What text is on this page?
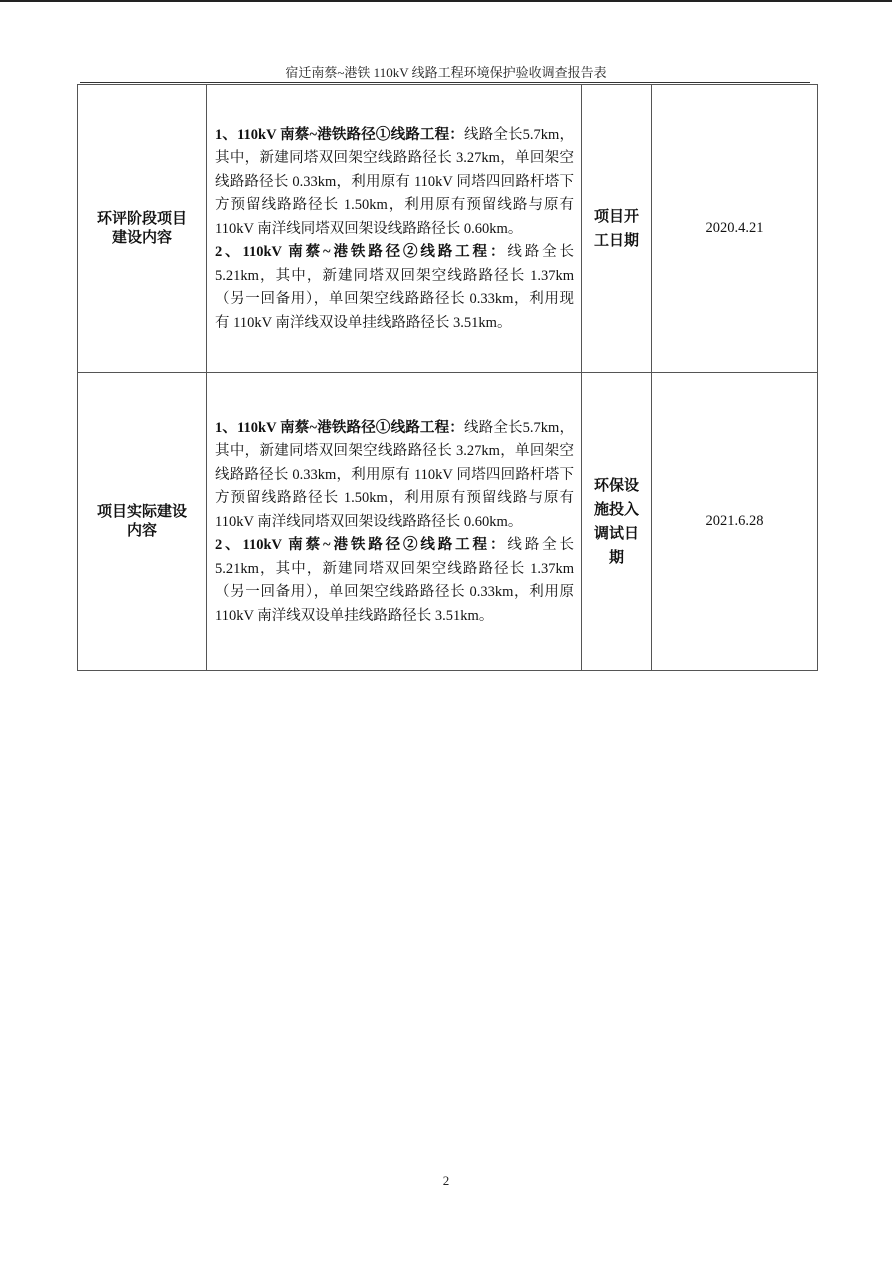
宿迁南蔡~港铁 110kV 线路工程环境保护验收调查报告表
环评阶段项目建设内容	1、110kV 南蔡~港铁路径①线路工程：线路全长5.7km，其中，新建同塔双回架空线路路径长 3.27km，单回架空线路路径长 0.33km，利用原有 110kV 同塔四回路杆塔下方预留线路路径长 1.50km，利用原有预留线路与原有 110kV 南洋线同塔双回架设线路路径长 0.60km。

2、110kV 南蔡~港铁路径②线路工程：线路全长5.21km，其中，新建同塔双回架空线路路径长 1.37km（另一回备用），单回架空线路路径长 0.33km，利用现有 110kV 南洋线双设单挂线路路径长 3.51km。	项目开工日期	2020.4.21
项目实际建设内容	1、110kV 南蔡~港铁路径①线路工程：线路全长5.7km，其中，新建同塔双回架空线路路径长 3.27km，单回架空线路路径长 0.33km，利用原有 110kV 同塔四回路杆塔下方预留线路路径长 1.50km，利用原有预留线路与原有 110kV 南洋线同塔双回架设线路路径长 0.60km。

2、110kV 南蔡~港铁路径②线路工程：线路全长5.21km，其中，新建同塔双回架空线路路径长 1.37km（另一回备用），单回架空线路路径长 0.33km，利用原 110kV 南洋线双设单挂线路路径长 3.51km。	环保设施投入调试日期	2021.6.28
2
